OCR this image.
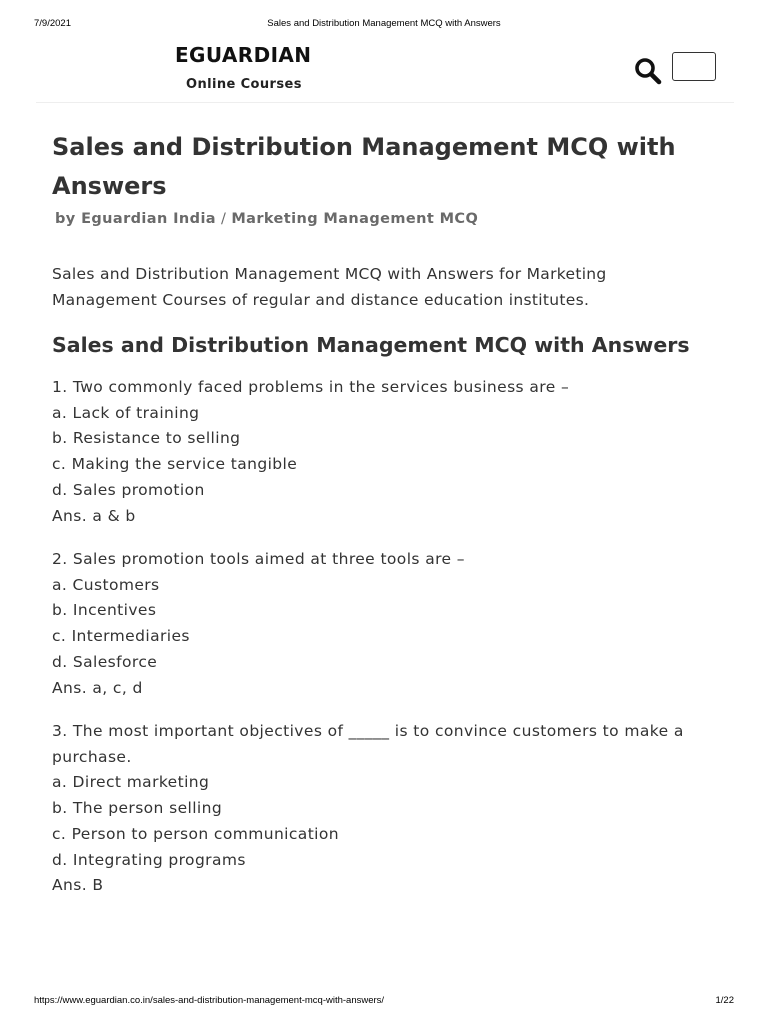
7/9/2021	Sales and Distribution Management MCQ with Answers
EGUARDIAN
Online Courses
Sales and Distribution Management MCQ with Answers
by Eguardian India / Marketing Management MCQ

Sales and Distribution Management MCQ with Answers for Marketing Management Courses of regular and distance education institutes.

Sales and Distribution Management MCQ with Answers
1. Two commonly faced problems in the services business are –
a. Lack of training
b. Resistance to selling
c. Making the service tangible
d. Sales promotion
Ans. a & b
2. Sales promotion tools aimed at three tools are –
a. Customers
b. Incentives
c. Intermediaries
d. Salesforce
Ans. a, c, d
3. The most important objectives of _____ is to convince customers to make a purchase.
a. Direct marketing
b. The person selling
c. Person to person communication
d. Integrating programs
Ans. B
https://www.eguardian.co.in/sales-and-distribution-management-mcq-with-answers/	1/22
